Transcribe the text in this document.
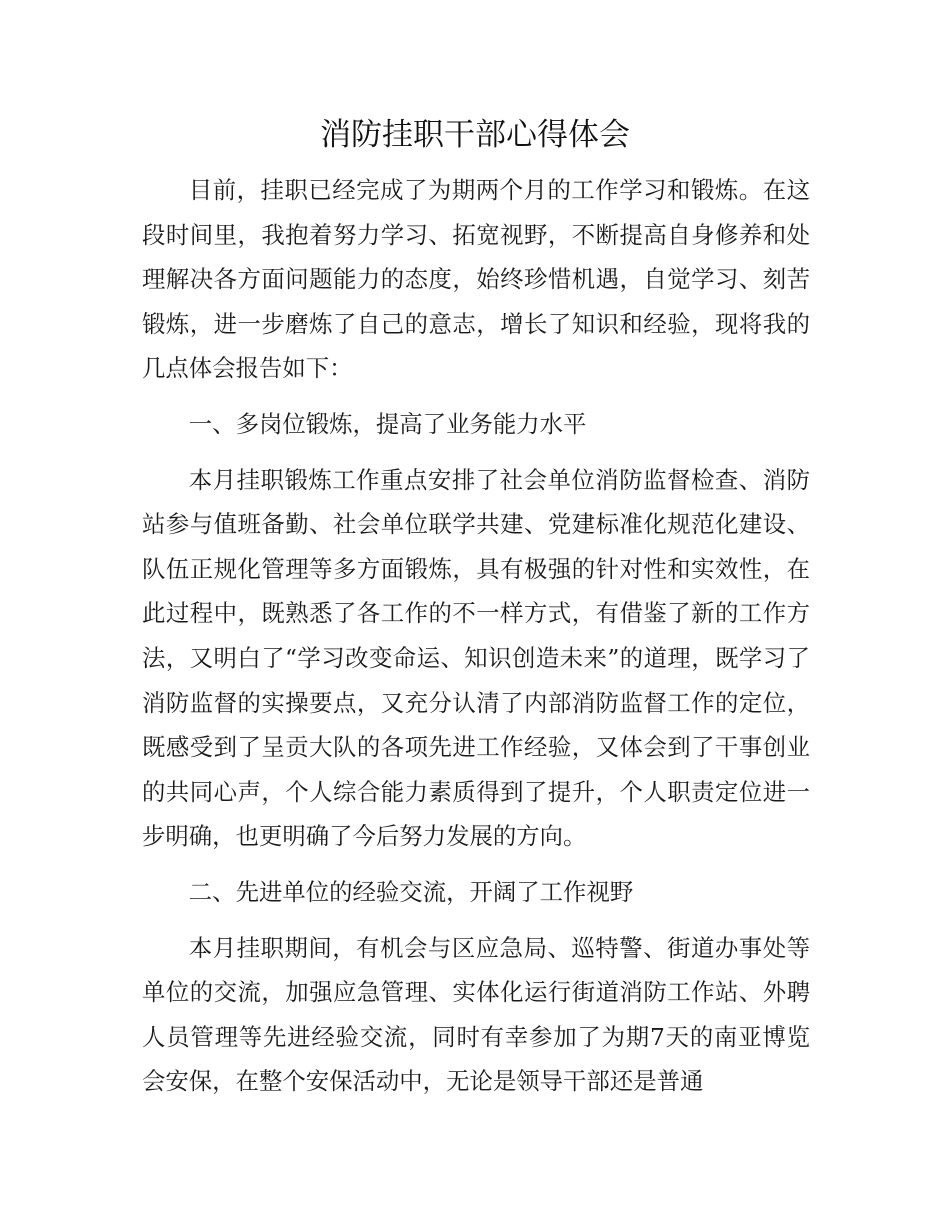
消防挂职干部心得体会

目前，挂职已经完成了为期两个月的工作学习和锻炼。在这段时间里，我抱着努力学习、拓宽视野，不断提高自身修养和处理解决各方面问题能力的态度，始终珍惜机遇，自觉学习、刻苦锻炼，进一步磨炼了自己的意志，增长了知识和经验，现将我的几点体会报告如下：

一、多岗位锻炼，提高了业务能力水平

本月挂职锻炼工作重点安排了社会单位消防监督检查、消防站参与值班备勤、社会单位联学共建、党建标准化规范化建设、队伍正规化管理等多方面锻炼，具有极强的针对性和实效性，在此过程中，既熟悉了各工作的不一样方式，有借鉴了新的工作方法，又明白了“学习改变命运、知识创造未来”的道理，既学习了消防监督的实操要点，又充分认清了内部消防监督工作的定位，既感受到了呈贡大队的各项先进工作经验，又体会到了干事创业的共同心声，个人综合能力素质得到了提升，个人职责定位进一步明确，也更明确了今后努力发展的方向。

二、先进单位的经验交流，开阔了工作视野

本月挂职期间，有机会与区应急局、巡特警、街道办事处等单位的交流，加强应急管理、实体化运行街道消防工作站、外聘人员管理等先进经验交流，同时有幸参加了为期7天的南亚博览会安保，在整个安保活动中，无论是领导干部还是普通
